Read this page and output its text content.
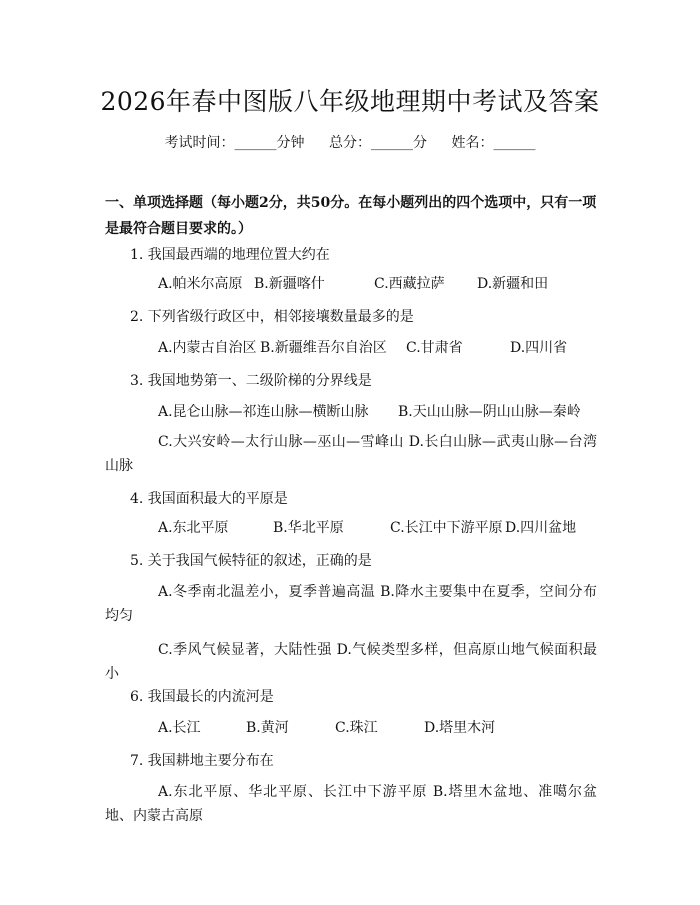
2026年春中图版八年级地理期中考试及答案
考试时间：______分钟 总分：______分 姓名：______
一、单项选择题（每小题2分，共50分。在每小题列出的四个选项中，只有一项是最符合题目要求的。）
1. 我国最西端的地理位置大约在
A.帕米尔高原 B.新疆喀什	C.西藏拉萨	D.新疆和田
2. 下列省级行政区中，相邻接壤数量最多的是
A.内蒙古自治区 B.新疆维吾尔自治区	C.甘肃省	D.四川省
3. 我国地势第一、二级阶梯的分界线是
A.昆仑山脉—祁连山脉—横断山脉	B.天山山脉—阴山山脉—秦岭
C.大兴安岭—太行山脉—巫山—雪峰山 D.长白山脉—武夷山脉—台湾山脉
4. 我国面积最大的平原是
A.东北平原	B.华北平原	C.长江中下游平原 D.四川盆地
5. 关于我国气候特征的叙述，正确的是
A.冬季南北温差小，夏季普遍高温 B.降水主要集中在夏季，空间分布均匀
C.季风气候显著，大陆性强 D.气候类型多样，但高原山地气候面积最小
6. 我国最长的内流河是
A.长江	B.黄河	C.珠江	D.塔里木河
7. 我国耕地主要分布在
A.东北平原、华北平原、长江中下游平原 B.塔里木盆地、准噶尔盆地、内蒙古高原
